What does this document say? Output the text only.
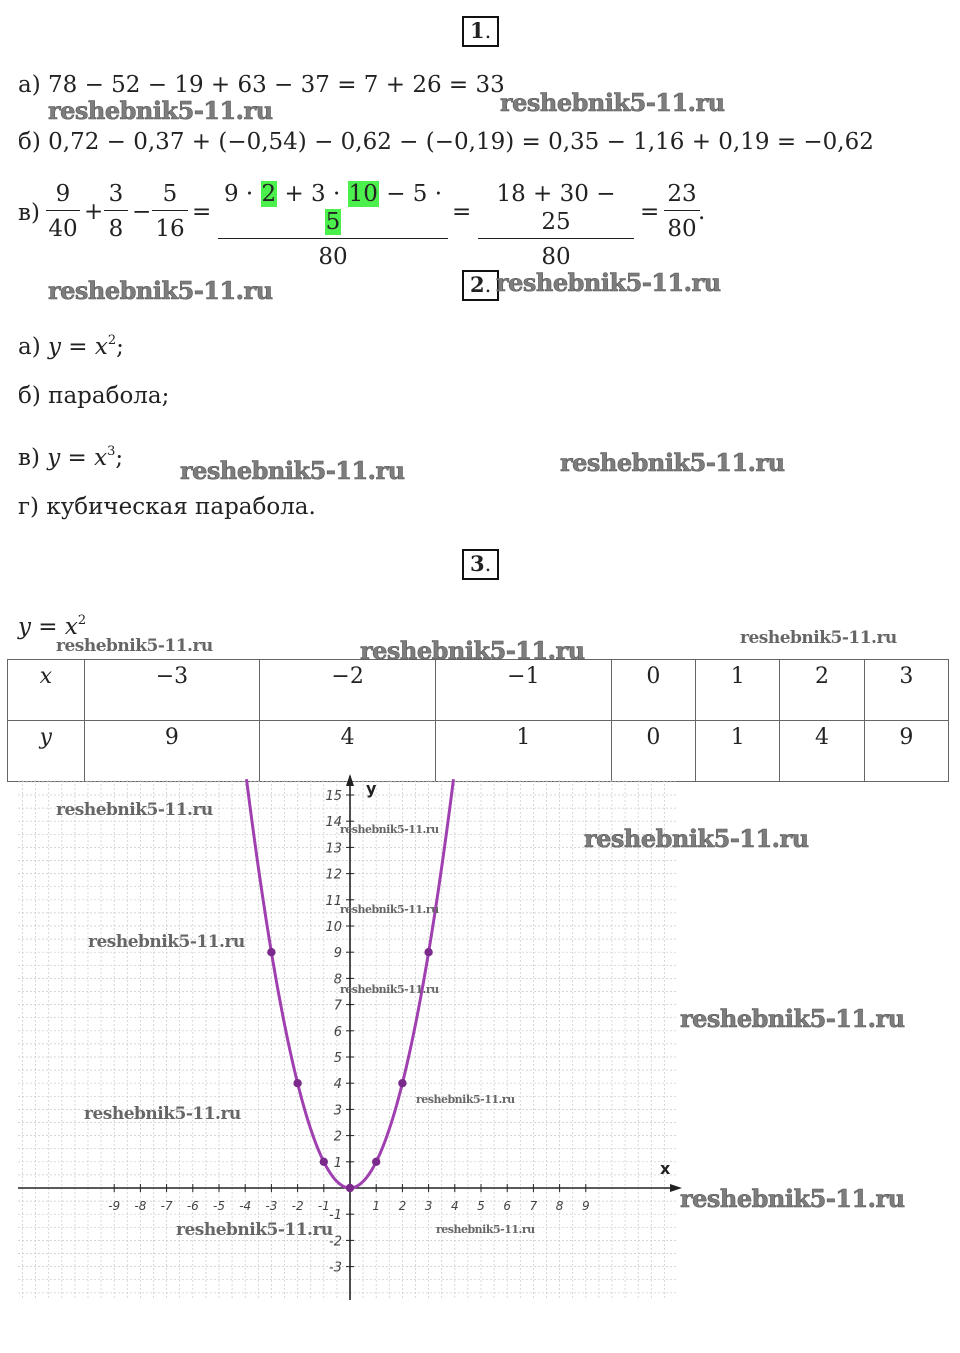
1.
а) 78 − 52 − 19 + 63 − 37 = 7 + 26 = 33
б) 0,72 − 0,37 + (−0,54) − 0,62 − (−0,19) = 0,35 − 1,16 + 0,19 = −0,62
$в) \frac{9}{40} + \frac{3}{8} - \frac{5}{16} = \frac{9 \cdot 2 + 3 \cdot 10 - 5 \cdot 5}{80} = \frac{18 + 30 - 25}{80} = \frac{23}{80}$
.
2.
а) $y = x^2$;
б) парабола;
в) $y = x^3$;
г) кубическая парабола.
3.
$y = x^2$
x	−3	−2	−1	0	1	2	3
y	9	4	1	0	1	4	9
x
y
-9 -8 -7 -6 -5 -4 -3 -2 -1	1 2 3 4 5 6 7 8 9
-3
-2
-1
1
2
3
4
5
6
7
8
9
10
11
12
13
14
15
reshebnik5-11.ru	reshebnik5-11.ru
reshebnik5-11.ru	reshebnik5-11.ru
reshebnik5-11.ru	reshebnik5-11.ru
reshebnik5-11.ru	reshebnik5-11.ru	reshebnik5-11.ru
reshebnik5-11.ru
reshebnik5-11.ru
reshebnik5-11.ru
reshebnik5-11.ru
reshebnik5-11.ru
reshebnik5-11.ru
reshebnik5-11.ru
reshebnik5-11.ru
reshebnik5-11.ru
reshebnik5-11.ru
reshebnik5-11.ru	reshebnik5-11.ru
